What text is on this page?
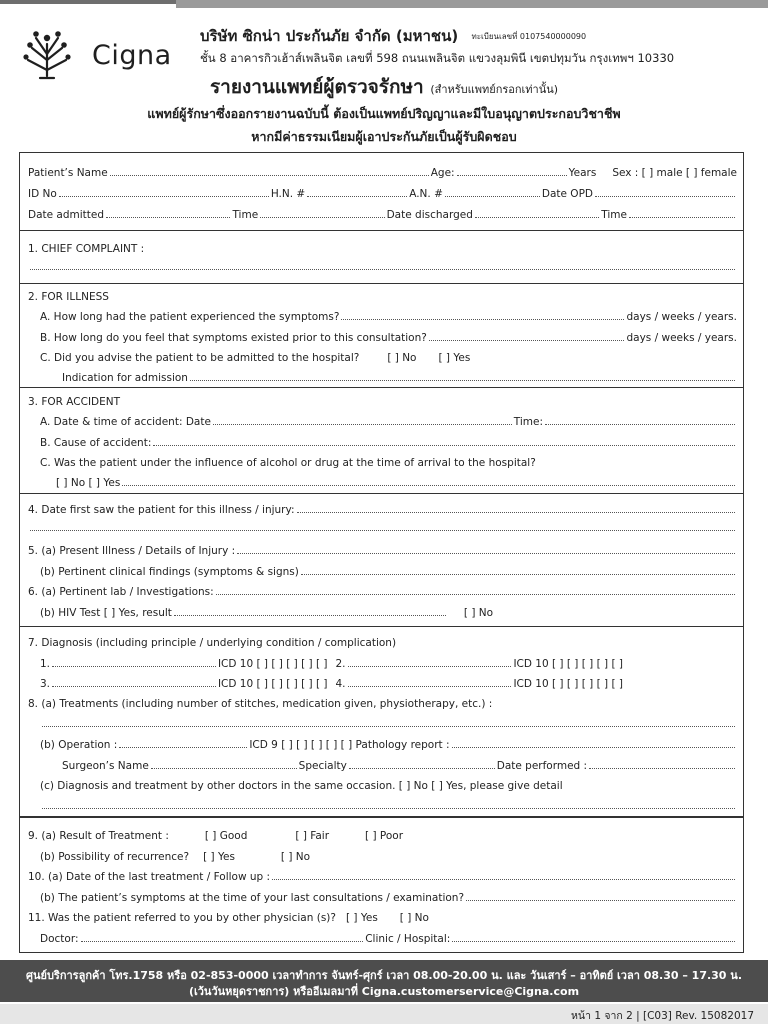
Cigna
บริษัท ซิกน่า ประกันภัย จำกัด (มหาชน) ทะเบียนเลขที่ 0107540000090
ชั้น 8 อาคารกิวเฮ้าส์เพลินจิต เลขที่ 598 ถนนเพลินจิต แขวงลุมพินี เขตปทุมวัน กรุงเทพฯ 10330
รายงานแพทย์ผู้ตรวจรักษา (สำหรับแพทย์กรอกเท่านั้น)
แพทย์ผู้รักษาซึ่งออกรายงานฉบับนี้ ต้องเป็นแพทย์ปริญญาและมีใบอนุญาตประกอบวิชาชีพ
หากมีค่าธรรมเนียมผู้เอาประกันภัยเป็นผู้รับผิดชอบ
Patient’s Name	Age:	Years Sex : [ ] male [ ] female
ID No	H.N. #	A.N. #	Date OPD
Date admitted	Time	Date discharged	Time
1. CHIEF COMPLAINT :
2. FOR ILLNESS
A. How long had the patient experienced the symptoms?	days / weeks / years.
B. How long do you feel that symptoms existed prior to this consultation?	days / weeks / years.
C. Did you advise the patient to be admitted to the hospital?	[ ] No [ ] Yes
Indication for admission
3. FOR ACCIDENT
A. Date & time of accident: Date	Time:
B. Cause of accident:
C. Was the patient under the influence of alcohol or drug at the time of arrival to the hospital?
[ ] No [ ] Yes
4. Date first saw the patient for this illness / injury:
5. (a) Present Illness / Details of Injury :
(b) Pertinent clinical findings (symptoms & signs)
6. (a) Pertinent lab / Investigations:
(b) HIV Test [ ] Yes, result	[ ] No
7. Diagnosis (including principle / underlying condition / complication)
1.	ICD 10 [ ] [ ] [ ] [ ] [ ] 2.	ICD 10 [ ] [ ] [ ] [ ] [ ]
3.	ICD 10 [ ] [ ] [ ] [ ] [ ] 4.	ICD 10 [ ] [ ] [ ] [ ] [ ]
8. (a) Treatments (including number of stitches, medication given, physiotherapy, etc.) :
(b) Operation :	ICD 9 [ ] [ ] [ ] [ ] [ ] Pathology report :
Surgeon’s Name	Specialty	Date performed :
(c) Diagnosis and treatment by other doctors in the same occasion. [ ] No [ ] Yes, please give detail
9. (a) Result of Treatment :	[ ] Good	[ ] Fair	[ ] Poor
(b) Possibility of recurrence? [ ] Yes	[ ] No
10. (a) Date of the last treatment / Follow up :
(b) The patient’s symptoms at the time of your last consultations / examination?
11. Was the patient referred to you by other physician (s)? [ ] Yes [ ] No
Doctor:	Clinic / Hospital:
ศูนย์บริการลูกค้า โทร.1758 หรือ 02-853-0000 เวลาทำการ จันทร์-ศุกร์ เวลา 08.00-20.00 น. และ วันเสาร์ – อาทิตย์ เวลา 08.30 – 17.30 น.
(เว้นวันหยุดราชการ) หรืออีเมลมาที่ Cigna.customerservice@Cigna.com
หน้า 1 จาก 2 | [C03] Rev. 15082017
